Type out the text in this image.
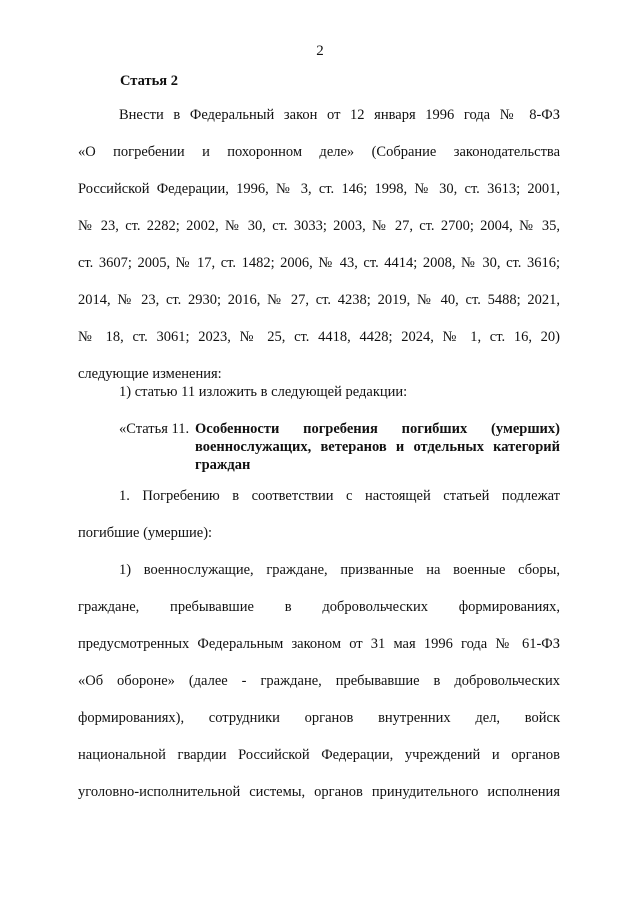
2
Статья 2
Внести в Федеральный закон от 12 января 1996 года № 8-ФЗ
«О погребении и похоронном деле» (Собрание законодательства
Российской Федерации, 1996, № 3, ст. 146; 1998, № 30, ст. 3613; 2001,
№ 23, ст. 2282; 2002, № 30, ст. 3033; 2003, № 27, ст. 2700; 2004, № 35,
ст. 3607; 2005, № 17, ст. 1482; 2006, № 43, ст. 4414; 2008, № 30, ст. 3616;
2014, № 23, ст. 2930; 2016, № 27, ст. 4238; 2019, № 40, ст. 5488; 2021,
№ 18, ст. 3061; 2023, № 25, ст. 4418, 4428; 2024, № 1, ст. 16, 20)
следующие изменения:
1) статью 11 изложить в следующей редакции:
«Статья 11. Особенности погребения погибших (умерших)
военнослужащих, ветеранов и отдельных категорий
граждан
1. Погребению в соответствии с настоящей статьей подлежат
погибшие (умершие):
1) военнослужащие, граждане, призванные на военные сборы,
граждане, пребывавшие в добровольческих формированиях,
предусмотренных Федеральным законом от 31 мая 1996 года № 61-ФЗ
«Об обороне» (далее - граждане, пребывавшие в добровольческих
формированиях), сотрудники органов внутренних дел, войск
национальной гвардии Российской Федерации, учреждений и органов
уголовно-исполнительной системы, органов принудительного исполнения
